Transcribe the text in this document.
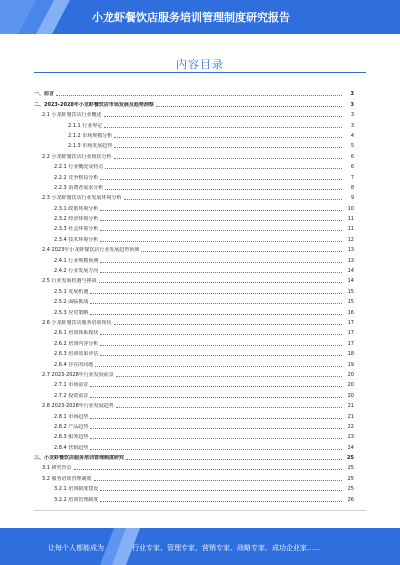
小龙虾餐饮店服务培训管理制度研究报告
内容目录
一、前言	3
二、2023-2028年小龙虾餐饮店市场发展及趋势洞察	3
2.1 小龙虾餐饮店行业概述	3
2.1.1 行业界定	3
2.1.2 市场规模分析	4
2.1.3 市场发展趋势	5
2.2 小龙虾餐饮店行业现状分析	6
2.2.1 行业概况及特点	6
2.2.2 竞争格局分析	7
2.2.3 消费者需求分析	8
2.3 小龙虾餐饮店行业发展环境分析	9
2.3.1 政策环境分析	10
2.3.2 经济环境分析	11
2.3.3 社会环境分析	11
2.3.4 技术环境分析	12
2.4 2023年小龙虾餐饮店行业发展趋势预测	13
2.4.1 行业规模预测	13
2.4.2 行业发展方向	14
2.5 行业发展机遇与挑战	14
2.5.1 发展机遇	15
2.5.2 面临挑战	15
2.5.3 应对策略	16
2.6 小龙虾餐饮店服务培训现状	17
2.6.1 培训体系现状	17
2.6.2 培训内容分析	17
2.6.3 培训效果评估	18
2.6.4 存在的问题	19
2.7 2023-2028年行业发展前景	20
2.7.1 市场前景	20
2.7.2 投资前景	20
2.8 2023-2028年行业发展趋势	21
2.8.1 市场趋势	21
2.8.2 产品趋势	22
2.8.3 服务趋势	23
2.8.4 营销趋势	24
三、小龙虾餐饮店服务培训管理制度研究	25
3.1 研究背景	25
3.2 服务培训管理制度	25
3.2.1 培训制度建设	25
3.2.2 培训管理制度	26
让每个人都能成为	行业专家、管理专家、营销专家、战略专家、成功企业家……
